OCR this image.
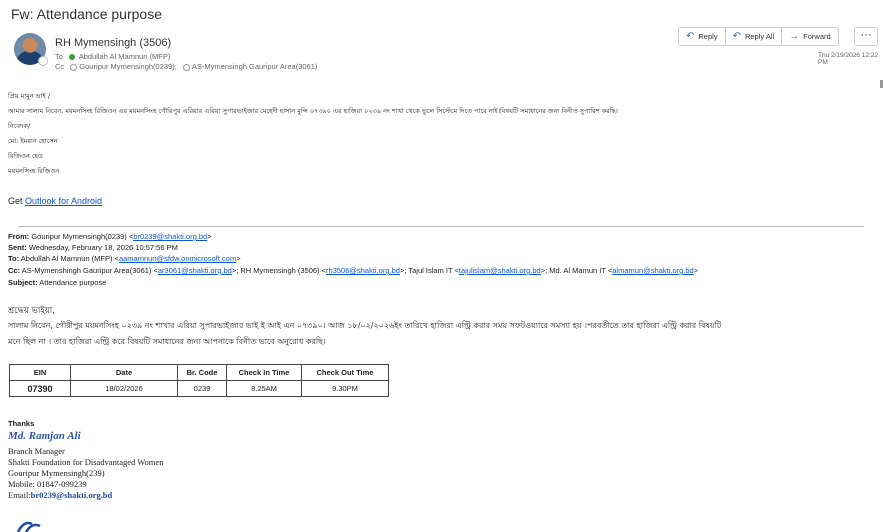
Fw: Attendance purpose
RH Mymensingh (3506)
To Abdullah Al Mamnun (MFP)
Cc Gouripur Mymensingh(0239); AS-Mymensingh Gauripur Area(3061)
↶ Reply ↶ Reply All → Forward	···
Thu 2/19/2026 12:22 PM
প্রিয় মামুন ভাই /
আমার সালাম নিবেন, ময়মনসিংহ রিজিওন এর ময়মনসিংহ গৌরিপুর এরিয়ার এরিয়া সুপারভাইজার মেহেদী হাসান মুন্সি ০৭৩৯০ এর হাজিরা ০২৩৯ নং শাখা থেকে ভুলে সিস্টেমে দিতে পারে নাই।বিষয়টি সমাধানের জন্য বিনীত সুপারিশ করছি।
নিবেদক/
মো: ইমরান হোসেন
রিজিওন হেড
ময়মনসিংহ রিজিওন
Get Outlook for Android
From: Gouripur Mymensingh(0239) <br0239@shakti.org.bd>
Sent: Wednesday, February 18, 2026 10:57:56 PM
To: Abdullah Al Mamnun (MFP) <aamamnun@sfdw.onmicrosoft.com>
Cc: AS-Mymenshingh Gauripur Area(3061) <ar3061@shakti.org.bd>; RH Mymensingh (3506) <rh3506@shakti.org.bd>; Tajul Islam IT <tajulislam@shakti.org.bd>; Md. Al Mamun IT <almamun@shakti.org.bd>
Subject: Attendance purpose
শ্রদ্ধেয় ভাইয়া,
সালাম নিবেন, গৌরীপুর ময়মনসিংহ ০২৩৯ নং শাখার এরিয়া সুপারভাইজার ভাই ই আই এন ০৭৩৯০। আজ ১৮/০২/২০২৬ইং তারিখে হাজিরা এন্ট্রি করার সময় সফটওয়্যারে সমস্যা হয় ।পরবর্তীতে তার হাজিরা এন্ট্রি করার বিষয়টি
মনে ছিল না । তার হাজিরা এন্ট্রি করে বিষয়টি সমাধানের জন্য আপনাকে বিনীত ভাবে অনুরোধ করছি।
EIN	Date	Br. Code	Check In Time	Check Out Time
07390	18/02/2026	0239	8.25AM	9.30PM
Thanks
Md. Ramjan Ali
Branch Manager
Shakti Foundation for Disadvantaged Women
Gouripur Mymensingh(239)
Mobile: 01847-099239
Email:br0239@shakti.org.bd
